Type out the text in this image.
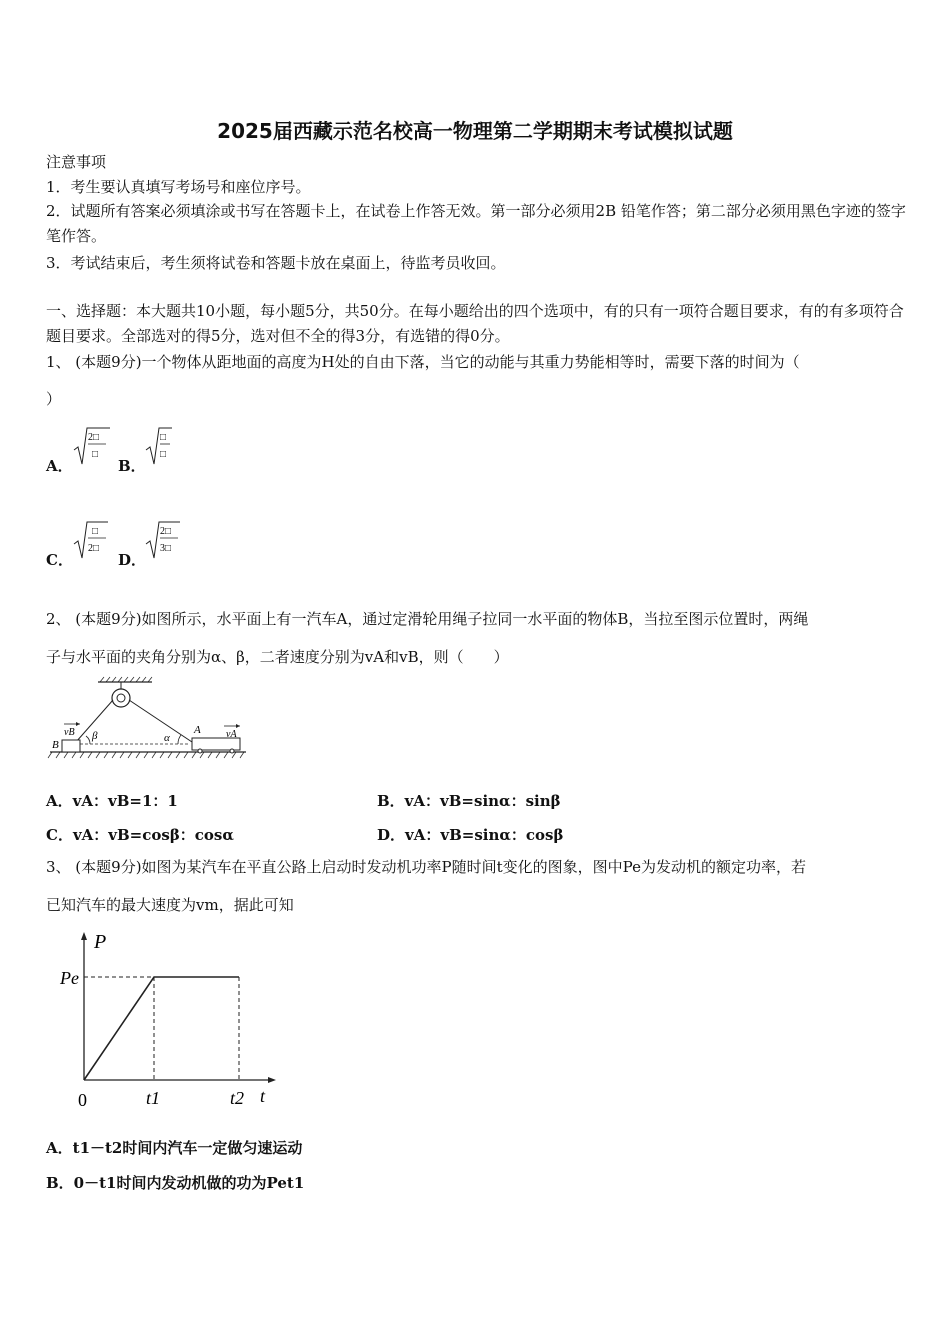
2025届西藏示范名校高一物理第二学期期末考试模拟试题
注意事项
1．考生要认真填写考场号和座位序号。
2．试题所有答案必须填涂或书写在答题卡上，在试卷上作答无效。第一部分必须用2B 铅笔作答；第二部分必须用黑色字迹的签字笔作答。
3．考试结束后，考生须将试卷和答题卡放在桌面上，待监考员收回。
一、选择题：本大题共10小题，每小题5分，共50分。在每小题给出的四个选项中，有的只有一项符合题目要求，有的有多项符合题目要求。全部选对的得5分，选对但不全的得3分，有选错的得0分。
1、 (本题9分)一个物体从距地面的高度为H处的自由下落，当它的动能与其重力势能相等时，需要下落的时间为（
）
A．
2□
□
B．
□
□
C．
□
2□
D．
2□
3□
2、 (本题9分)如图所示，水平面上有一汽车A，通过定滑轮用绳子拉同一水平面的物体B，当拉至图示位置时，两绳
子与水平面的夹角分别为α、β，二者速度分别为vA和vB，则（　　）
vB β
B
α
A	vA
A．vA：vB=1：1	B．vA：vB=sinα：sinβ
C．vA：vB=cosβ：cosα	D．vA：vB=sinα：cosβ
3、 (本题9分)如图为某汽车在平直公路上启动时发动机功率P随时间t变化的图象，图中Pe为发动机的额定功率，若
已知汽车的最大速度为vm，据此可知
P
Pe
0	t1	t2 t
A．t1－t2时间内汽车一定做匀速运动
B．0－t1时间内发动机做的功为Pet1
